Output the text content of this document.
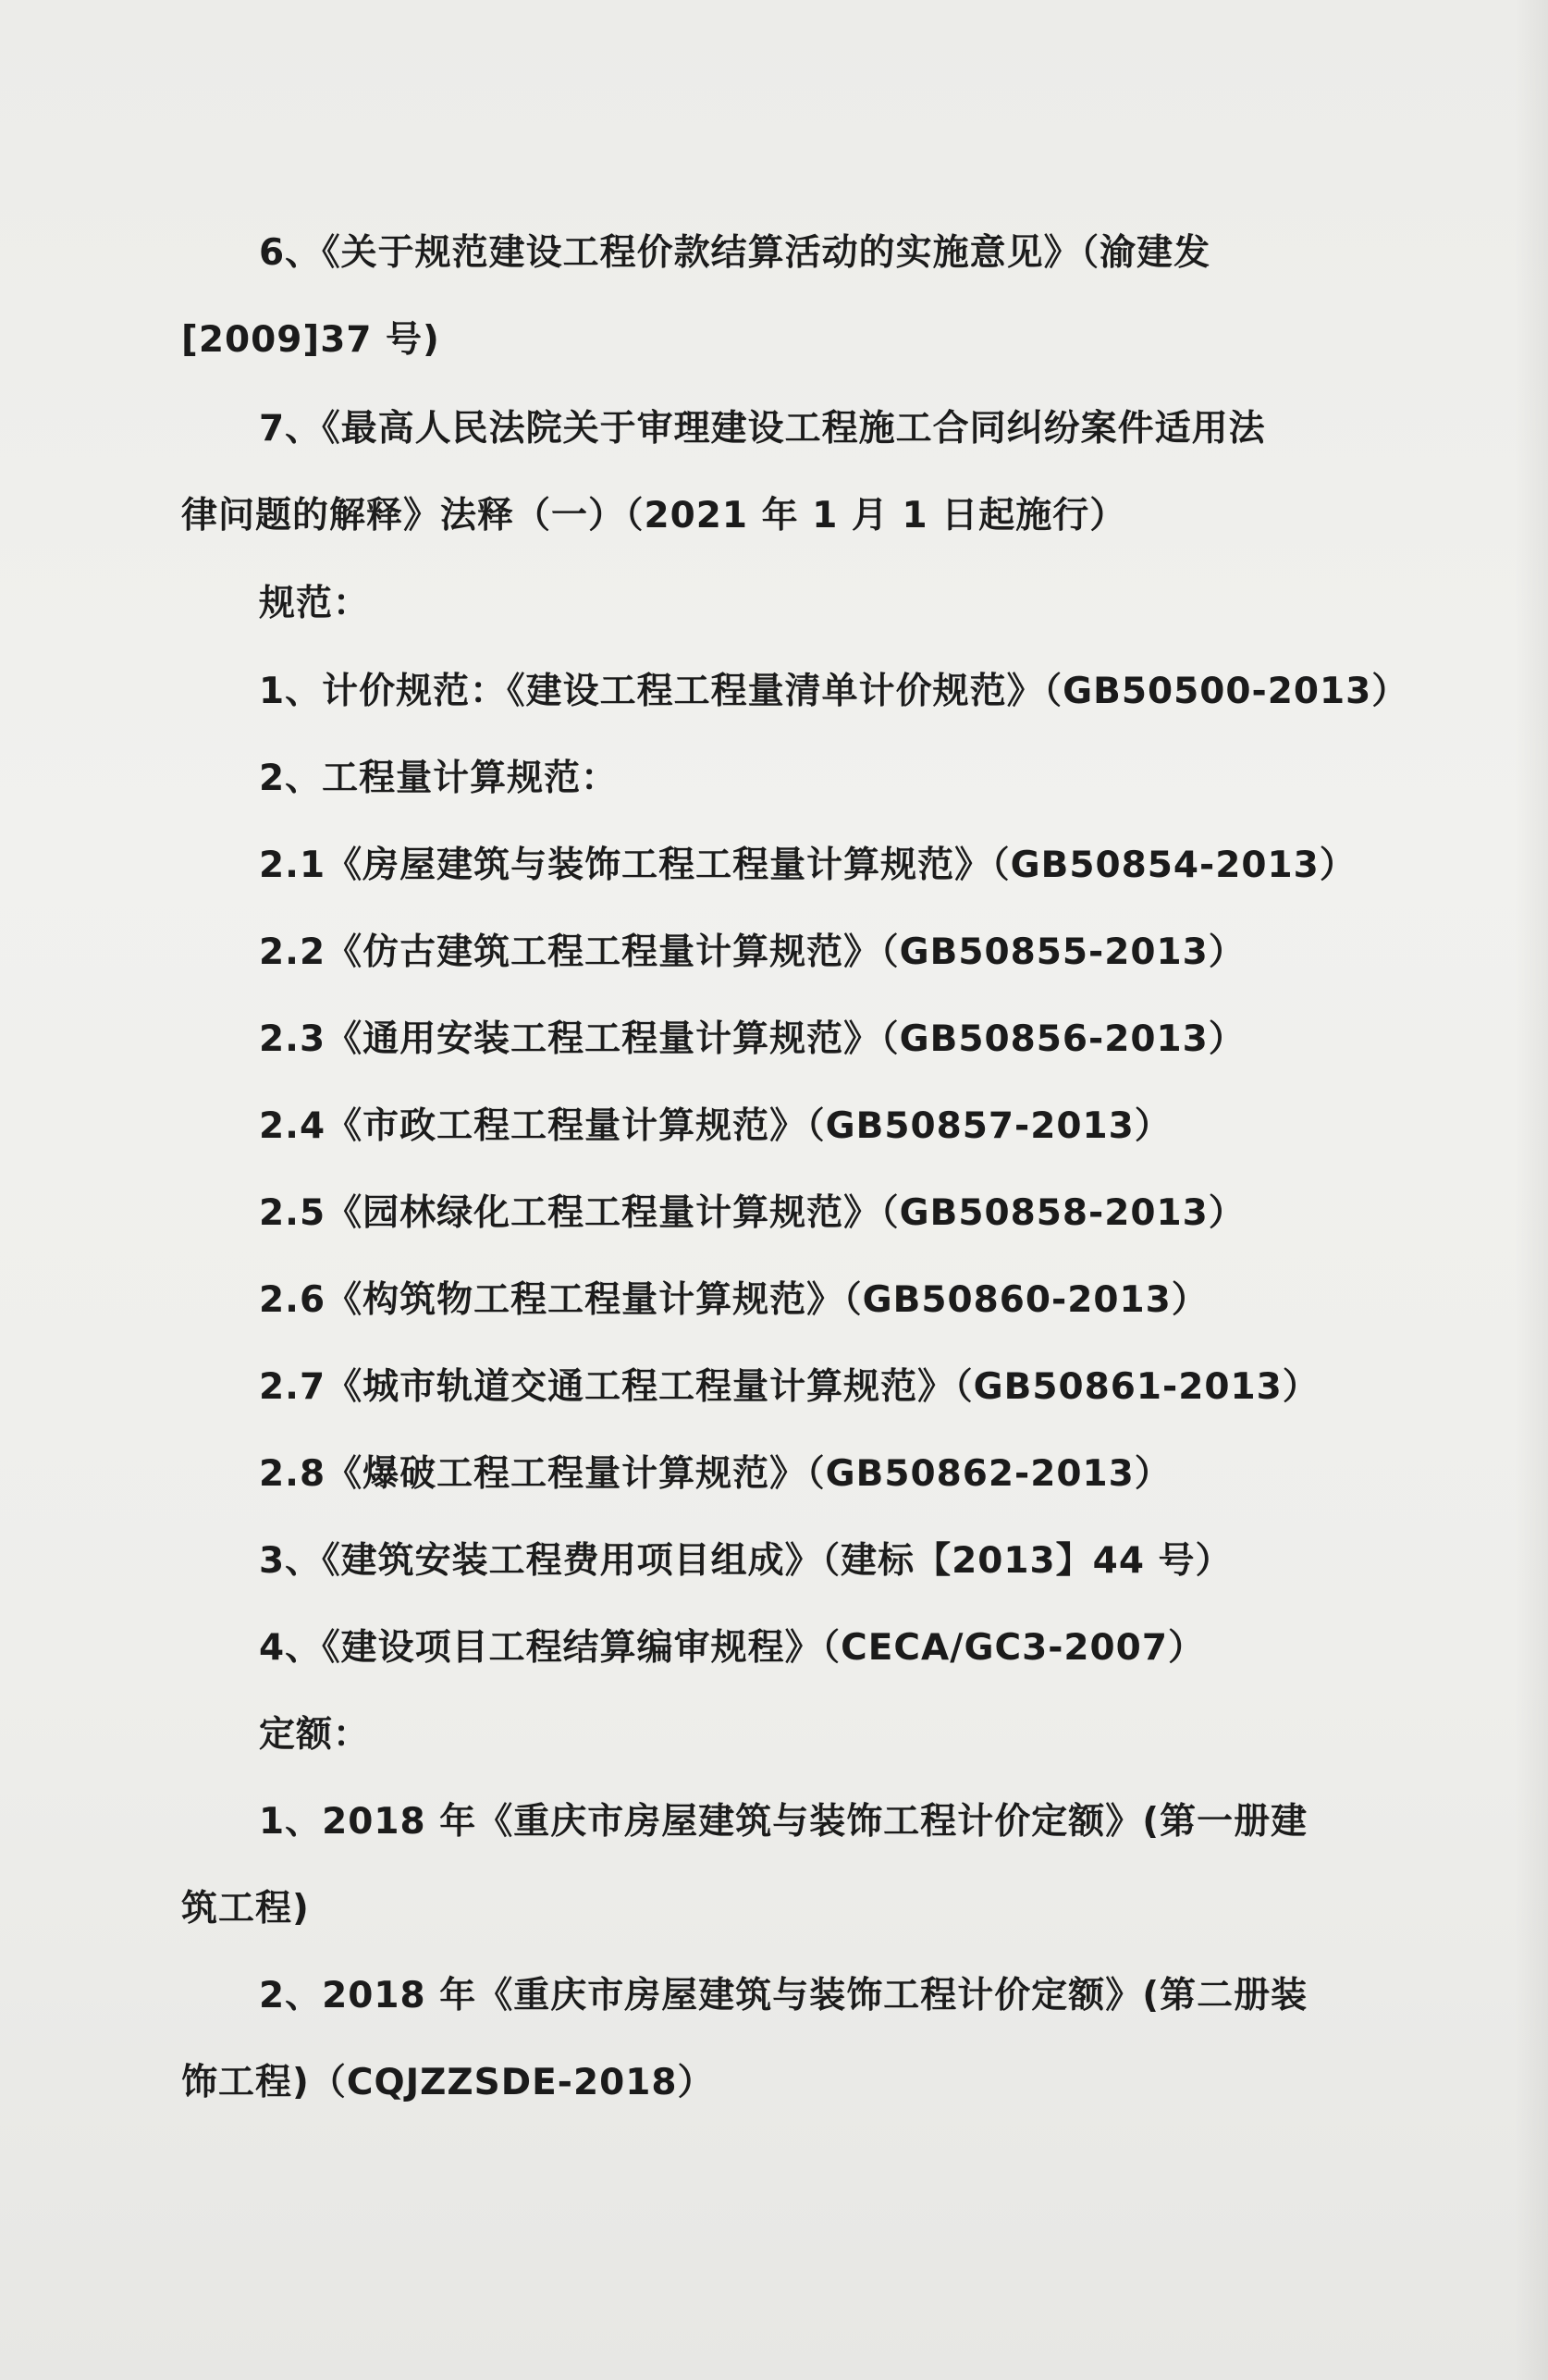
6、《关于规范建设工程价款结算活动的实施意见》（渝建发
[2009]37 号)
7、《最高人民法院关于审理建设工程施工合同纠纷案件适用法
律问题的解释》法释（一）（2021 年 1 月 1 日起施行）
规范：
1、计价规范：《建设工程工程量清单计价规范》（GB50500-2013）
2、工程量计算规范：
2.1《房屋建筑与装饰工程工程量计算规范》（GB50854-2013）
2.2《仿古建筑工程工程量计算规范》（GB50855-2013）
2.3《通用安装工程工程量计算规范》（GB50856-2013）
2.4《市政工程工程量计算规范》（GB50857-2013）
2.5《园林绿化工程工程量计算规范》（GB50858-2013）
2.6《构筑物工程工程量计算规范》（GB50860-2013）
2.7《城市轨道交通工程工程量计算规范》（GB50861-2013）
2.8《爆破工程工程量计算规范》（GB50862-2013）
3、《建筑安装工程费用项目组成》（建标【2013】44 号）
4、《建设项目工程结算编审规程》（CECA/GC3-2007）
定额：
1、2018 年《重庆市房屋建筑与装饰工程计价定额》(第一册建
筑工程)
2、2018 年《重庆市房屋建筑与装饰工程计价定额》(第二册装
饰工程)（CQJZZSDE-2018）
